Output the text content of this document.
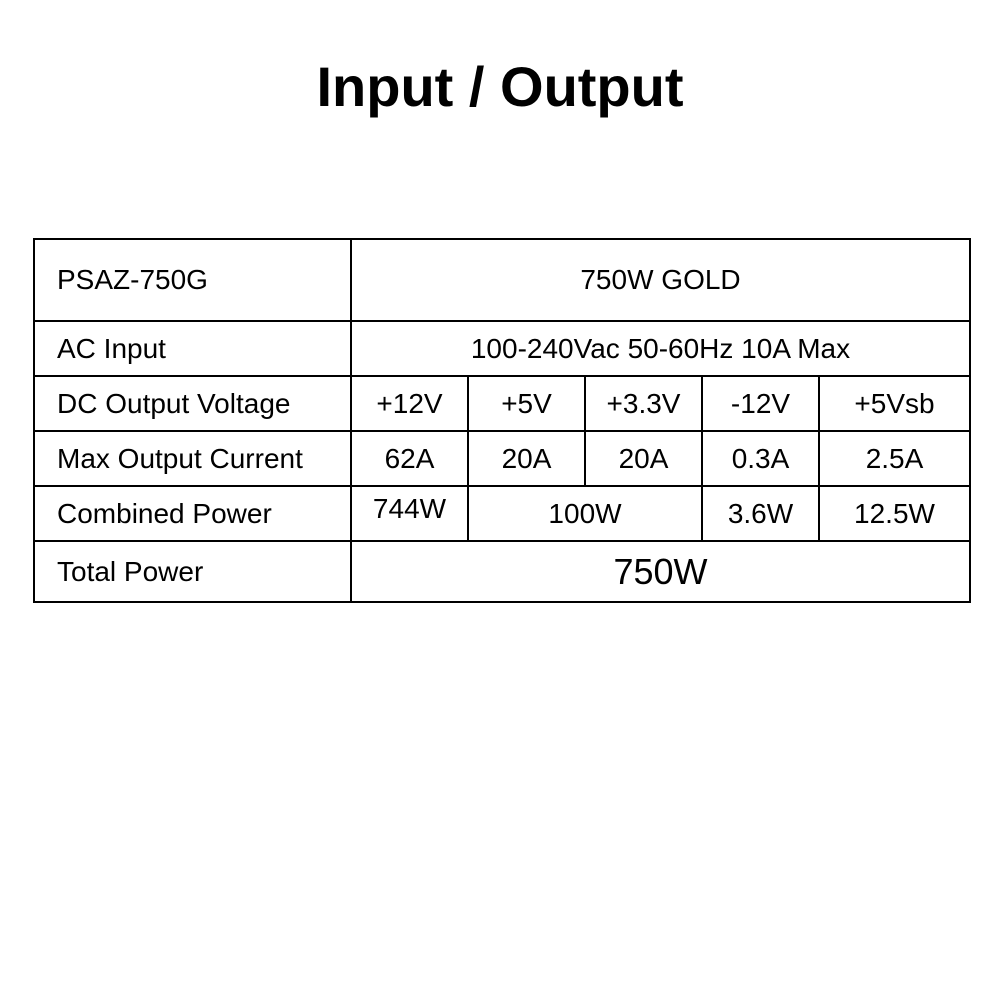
Input / Output
PSAZ-750G	750W GOLD				
AC Input	100-240Vac 50-60Hz 10A Max				
DC Output Voltage	+12V	+5V	+3.3V	-12V	+5Vsb
Max Output Current	62A	20A	20A	0.3A	2.5A
Combined Power	744W	100W		3.6W	12.5W
Total Power	750W				
